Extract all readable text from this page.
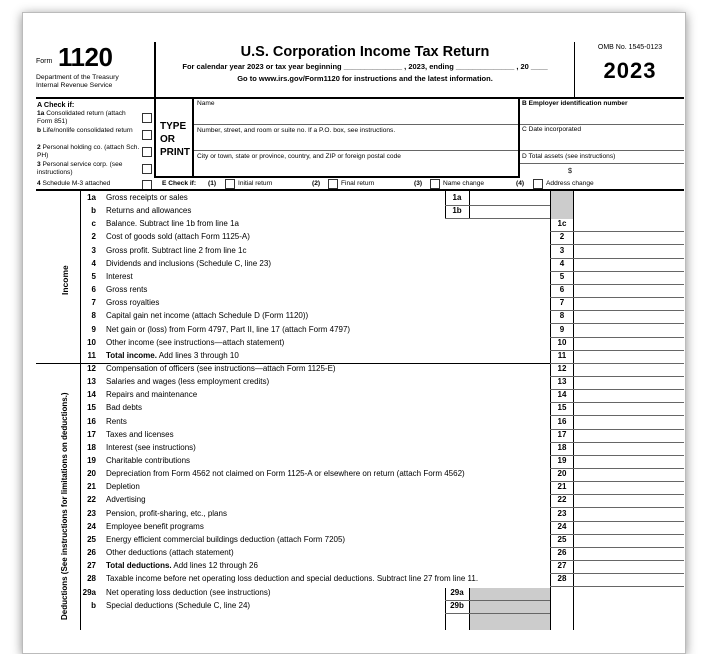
Form 1120
Department of the Treasury
Internal Revenue Service
U.S. Corporation Income Tax Return
For calendar year 2023 or tax year beginning ______________ , 2023, ending ______________ , 20 ____
Go to www.irs.gov/Form1120 for instructions and the latest information.
OMB No. 1545-0123
2023
A Check if:
1a Consolidated return (attach Form 851)
b Life/nonlife consolidated return
2 Personal holding co. (attach Sch. PH)
3 Personal service corp. (see instructions)
4 Schedule M-3 attached
TYPE
OR
PRINT
Name
Number, street, and room or suite no. If a P.O. box, see instructions.
City or town, state or province, country, and ZIP or foreign postal code
B Employer identification number
C Date incorporated
D Total assets (see instructions)
$
E Check if: (1)	Initial return	(2)	Final return	(3)	Name change	(4)	Address change
Income
Deductions (See instructions for limitations on deductions.)
1a Gross receipts or sales	1a
b Returns and allowances	1b
c Balance. Subtract line 1b from line 1a	1c
2 Cost of goods sold (attach Form 1125-A)	2
3 Gross profit. Subtract line 2 from line 1c	3
4 Dividends and inclusions (Schedule C, line 23)	4
5 Interest	5
6 Gross rents	6
7 Gross royalties	7
8 Capital gain net income (attach Schedule D (Form 1120))	8
9 Net gain or (loss) from Form 4797, Part II, line 17 (attach Form 4797)	9
10 Other income (see instructions—attach statement)	10
11 Total income. Add lines 3 through 10	11
12 Compensation of officers (see instructions—attach Form 1125-E)	12
13 Salaries and wages (less employment credits)	13
14 Repairs and maintenance	14
15 Bad debts	15
16 Rents	16
17 Taxes and licenses	17
18 Interest (see instructions)	18
19 Charitable contributions	19
20 Depreciation from Form 4562 not claimed on Form 1125-A or elsewhere on return (attach Form 4562)	20
21 Depletion	21
22 Advertising	22
23 Pension, profit-sharing, etc., plans	23
24 Employee benefit programs	24
25 Energy efficient commercial buildings deduction (attach Form 7205)	25
26 Other deductions (attach statement)	26
27 Total deductions. Add lines 12 through 26	27
28 Taxable income before net operating loss deduction and special deductions. Subtract line 27 from line 11.	28
29a Net operating loss deduction (see instructions)	29a
b Special deductions (Schedule C, line 24)	29b
